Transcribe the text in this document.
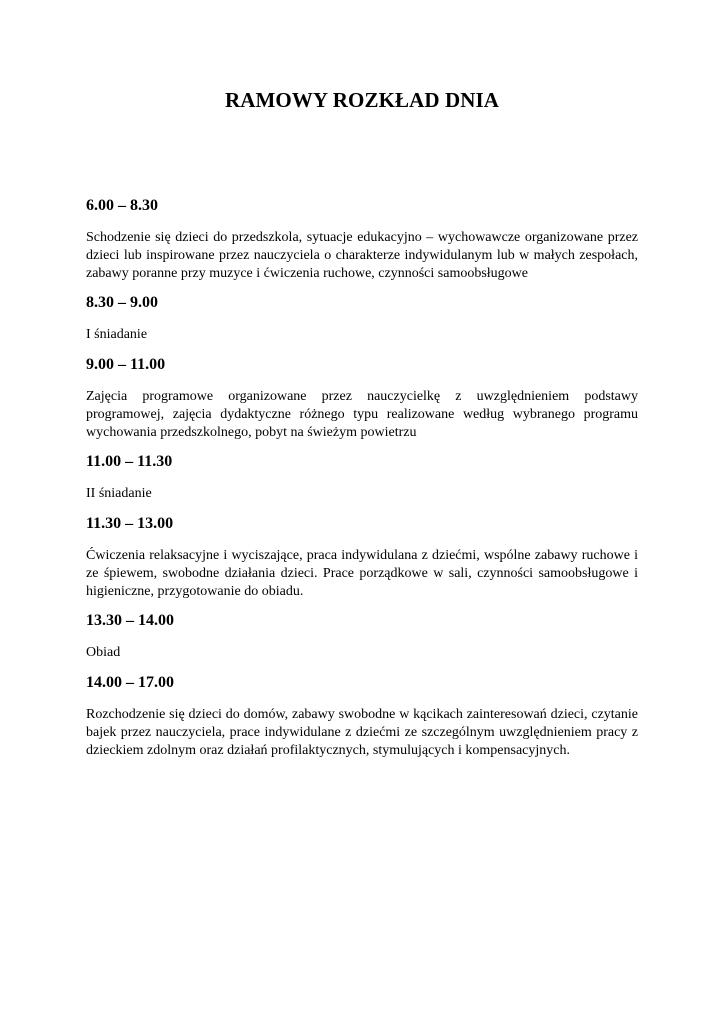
RAMOWY ROZKŁAD DNIA
6.00 – 8.30
Schodzenie się dzieci do przedszkola, sytuacje edukacyjno – wychowawcze organizowane przez dzieci lub inspirowane przez nauczyciela o charakterze indywidulanym lub w małych zespołach, zabawy poranne przy muzyce i ćwiczenia ruchowe, czynności samoobsługowe
8.30 – 9.00
I śniadanie
9.00 – 11.00
Zajęcia programowe organizowane przez nauczycielkę z uwzględnieniem podstawy programowej, zajęcia dydaktyczne różnego typu realizowane według wybranego programu wychowania przedszkolnego, pobyt na świeżym powietrzu
11.00 – 11.30
II śniadanie
11.30 – 13.00
Ćwiczenia relaksacyjne i wyciszające, praca indywidulana z dziećmi, wspólne zabawy ruchowe i ze śpiewem, swobodne działania dzieci. Prace porządkowe w sali, czynności samoobsługowe i higieniczne, przygotowanie do obiadu.
13.30 – 14.00
Obiad
14.00 – 17.00
Rozchodzenie się dzieci do domów, zabawy swobodne w kącikach zainteresowań dzieci, czytanie bajek przez nauczyciela, prace indywidulane z dziećmi ze szczególnym uwzględnieniem pracy z dzieckiem zdolnym oraz działań profilaktycznych, stymulujących i kompensacyjnych.
